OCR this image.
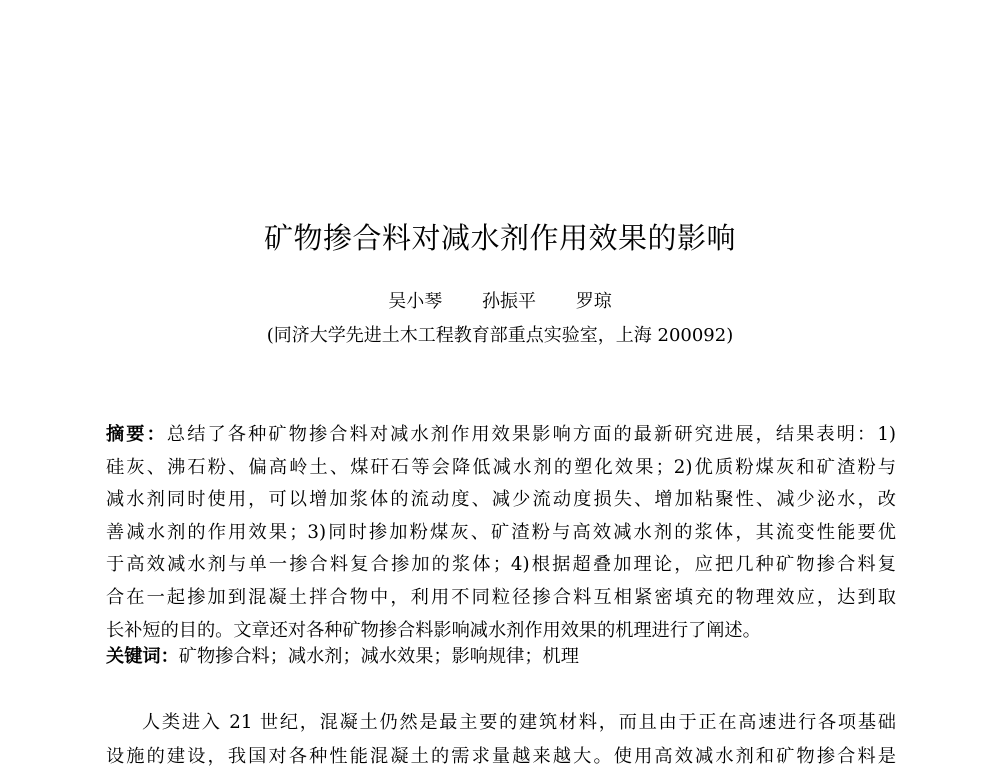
矿物掺合料对减水剂作用效果的影响
吴小琴 孙振平 罗琼
(同济大学先进土木工程教育部重点实验室，上海 200092)
摘要：总结了各种矿物掺合料对减水剂作用效果影响方面的最新研究进展，结果表明：1)
硅灰、沸石粉、偏高岭土、煤矸石等会降低减水剂的塑化效果；2)优质粉煤灰和矿渣粉与
减水剂同时使用，可以增加浆体的流动度、减少流动度损失、增加粘聚性、减少泌水，改
善减水剂的作用效果；3)同时掺加粉煤灰、矿渣粉与高效减水剂的浆体，其流变性能要优
于高效减水剂与单一掺合料复合掺加的浆体；4)根据超叠加理论，应把几种矿物掺合料复
合在一起掺加到混凝土拌合物中，利用不同粒径掺合料互相紧密填充的物理效应，达到取
长补短的目的。文章还对各种矿物掺合料影响减水剂作用效果的机理进行了阐述。
关键词：矿物掺合料；减水剂；减水效果；影响规律；机理
人类进入 21 世纪，混凝土仍然是最主要的建筑材料，而且由于正在高速进行各项基础
设施的建设，我国对各种性能混凝土的需求量越来越大。使用高效减水剂和矿物掺合料是
